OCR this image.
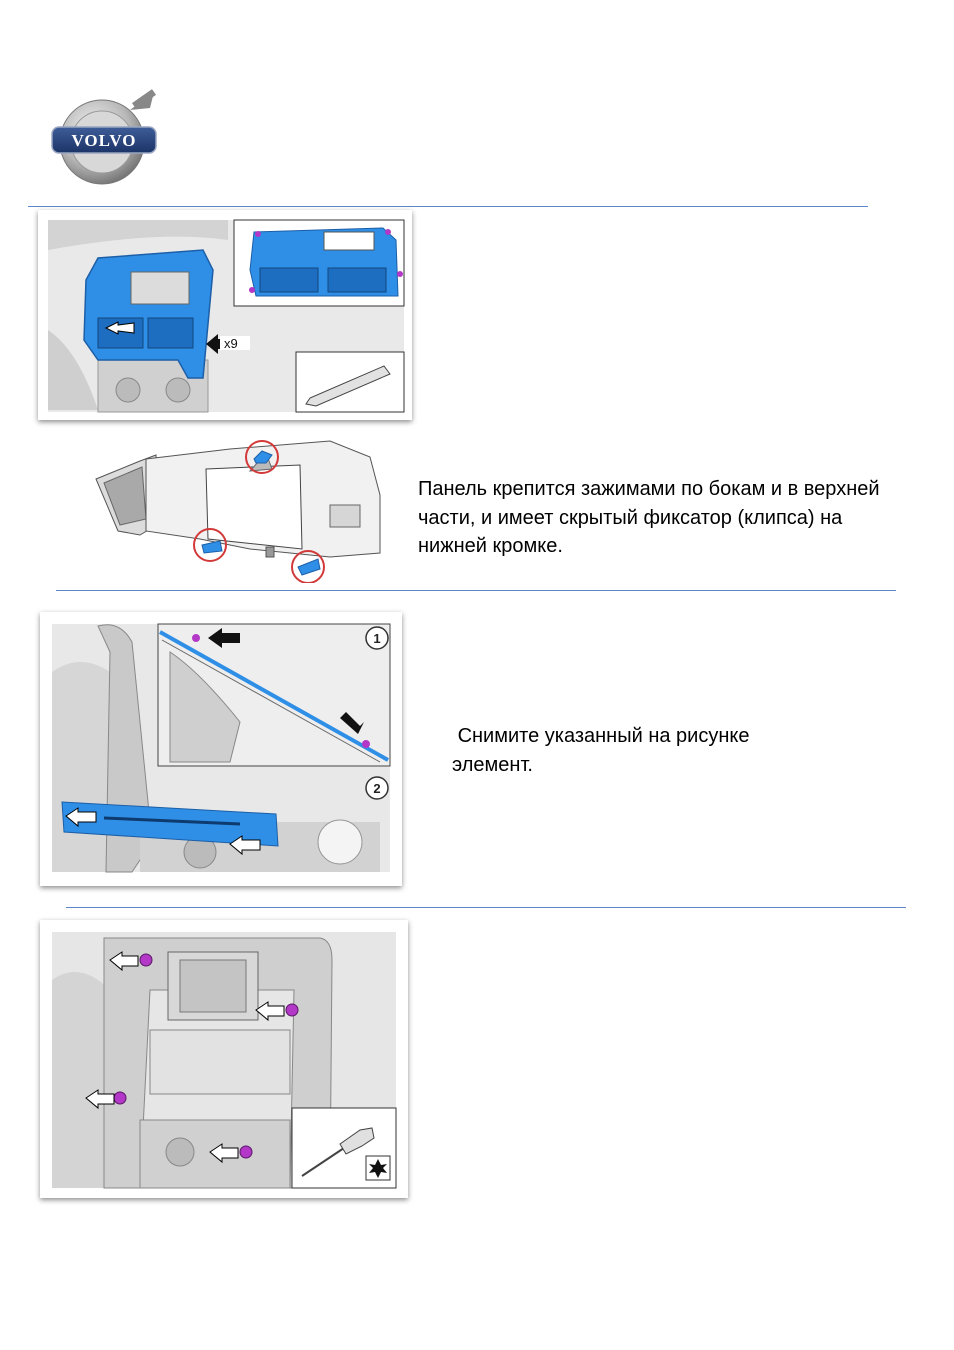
VOLVO
x9
Панель крепится зажимами по бокам и в верхней части, и имеет скрытый фиксатор (клипса) на нижней кромке.
1
2
Снимите указанный на рисунке элемент.
